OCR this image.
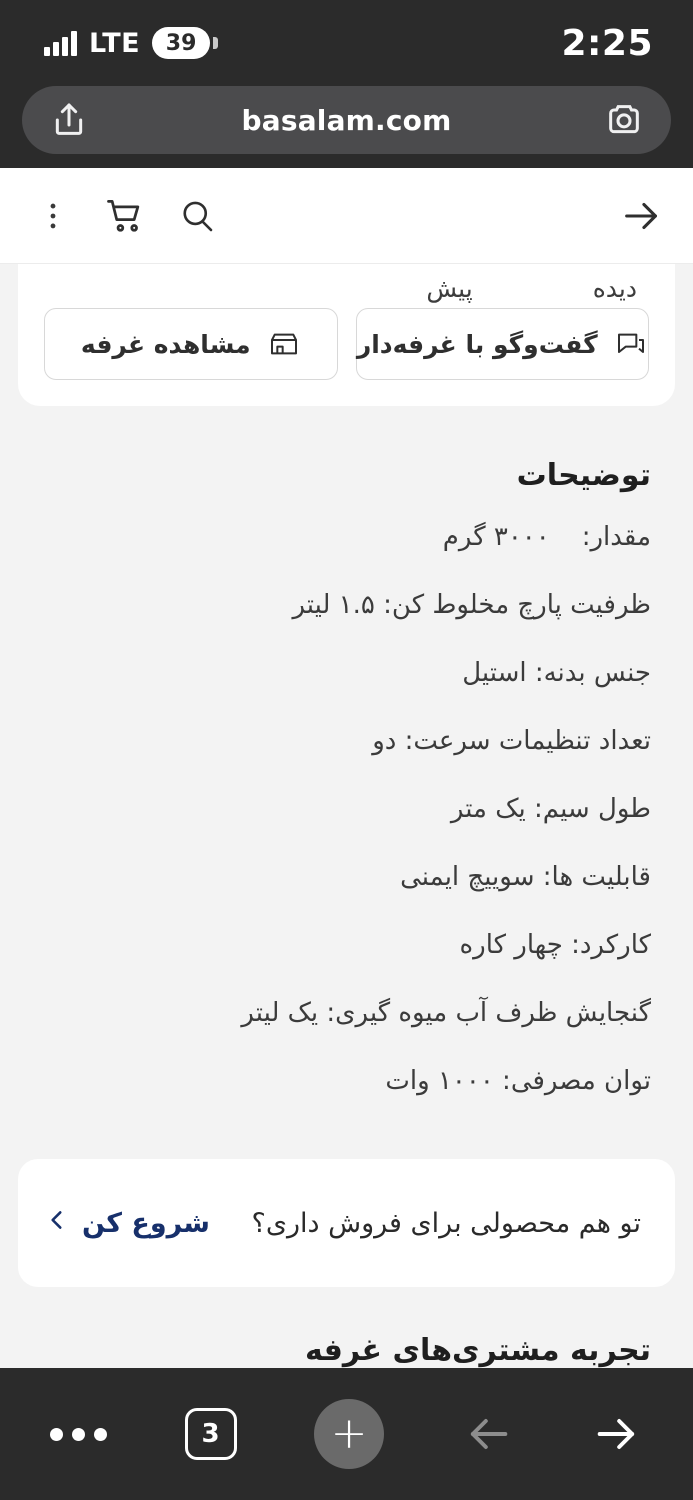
2:25
LTE	39
basalam.com
دیده
پیش
گفت‌وگو با غرفه‌دار
مشاهده غرفه
توضیحات
مقدار:۳۰۰۰ گرم
ظرفیت پارچ مخلوط کن: ۱.۵ لیتر
جنس بدنه: استیل
تعداد تنظیمات سرعت: دو
طول سیم: یک متر
قابلیت ها: سوییچ ایمنی
کارکرد: چهار کاره
گنجایش ظرف آب میوه گیری: یک لیتر
توان مصرفی: ۱۰۰۰ وات
تو هم محصولی برای فروش داری؟
شروع کن
تجربه مشتری‌های غرفه
3	+
